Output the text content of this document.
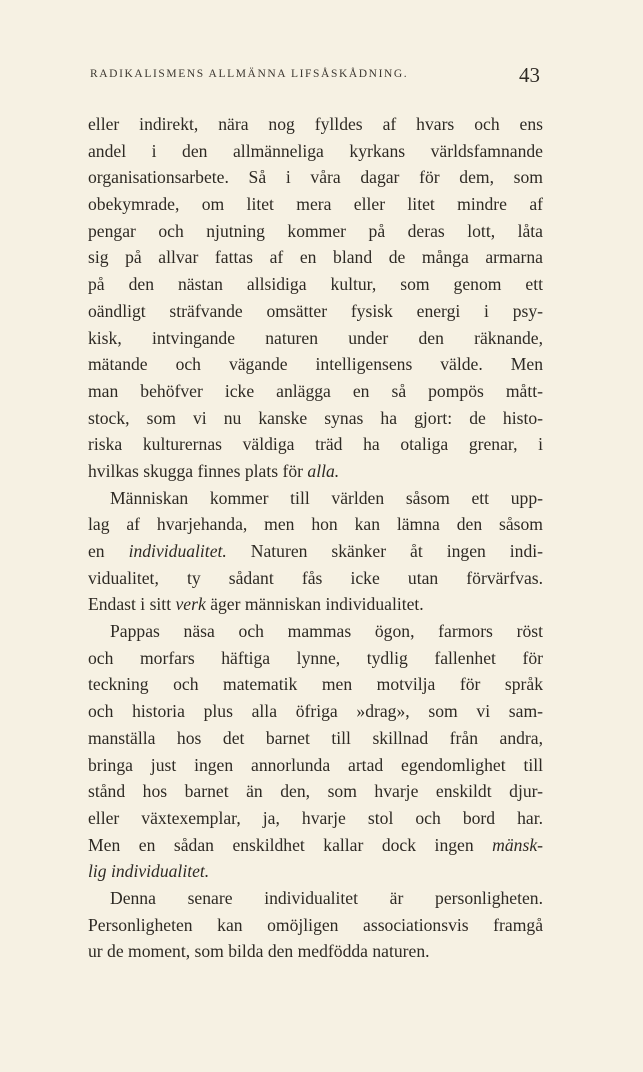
RADIKALISMENS ALLMÄNNA LIFSÅSKÅDNING.	43
eller indirekt, nära nog fylldes af hvars och ens
andel i den allmänneliga kyrkans världsfamnande
organisationsarbete. Så i våra dagar för dem, som
obekymrade, om litet mera eller litet mindre af
pengar och njutning kommer på deras lott, låta
sig på allvar fattas af en bland de många armarna
på den nästan allsidiga kultur, som genom ett
oändligt sträfvande omsätter fysisk energi i psy-
kisk, intvingande naturen under den räknande,
mätande och vägande intelligensens välde. Men
man behöfver icke anlägga en så pompös mått-
stock, som vi nu kanske synas ha gjort: de histo-
riska kulturernas väldiga träd ha otaliga grenar, i
hvilkas skugga finnes plats för alla.
Människan kommer till världen såsom ett upp-
lag af hvarjehanda, men hon kan lämna den såsom
en individualitet. Naturen skänker åt ingen indi-
vidualitet, ty sådant fås icke utan förvärfvas.
Endast i sitt verk äger människan individualitet.
Pappas näsa och mammas ögon, farmors röst
och morfars häftiga lynne, tydlig fallenhet för
teckning och matematik men motvilja för språk
och historia plus alla öfriga »drag», som vi sam-
manställa hos det barnet till skillnad från andra,
bringa just ingen annorlunda artad egendomlighet till
stånd hos barnet än den, som hvarje enskildt djur-
eller växtexemplar, ja, hvarje stol och bord har.
Men en sådan enskildhet kallar dock ingen mänsk-
lig individualitet.
Denna senare individualitet är personligheten.
Personligheten kan omöjligen associationsvis framgå
ur de moment, som bilda den medfödda naturen.
